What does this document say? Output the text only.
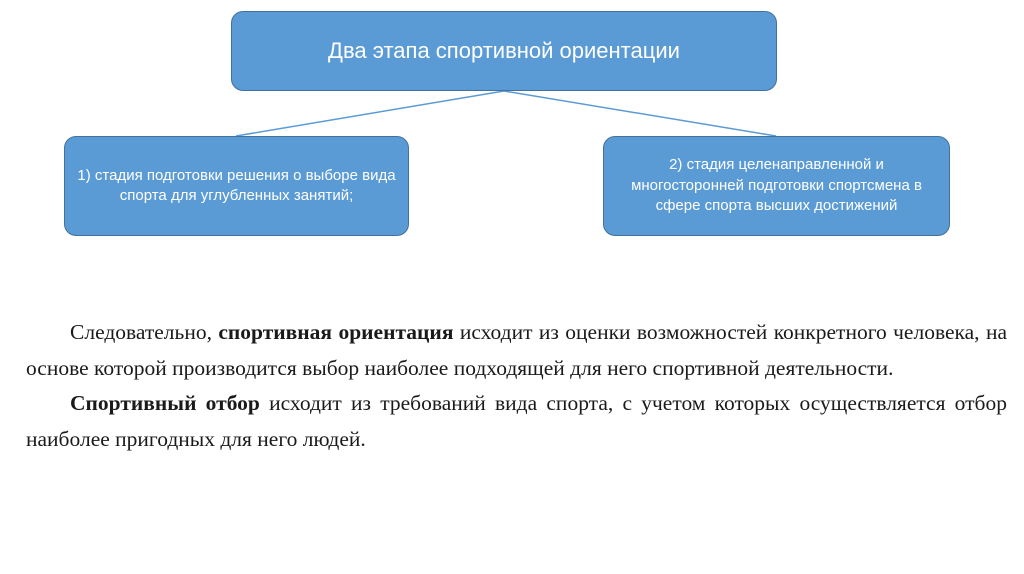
Два этапа спортивной ориентации
1) стадия подготовки решения о выборе вида спорта для углубленных занятий;
2) стадия целенаправленной и многосторонней подготовки спортсмена в сфере спорта высших достижений

Следовательно, спортивная ориентация исходит из оценки возможностей конкретного человека, на основе которой производится выбор наиболее подходящей для него спортивной деятельности.

Спортивный отбор исходит из требований вида спорта, с учетом которых осуществляется отбор наиболее пригодных для него людей.
